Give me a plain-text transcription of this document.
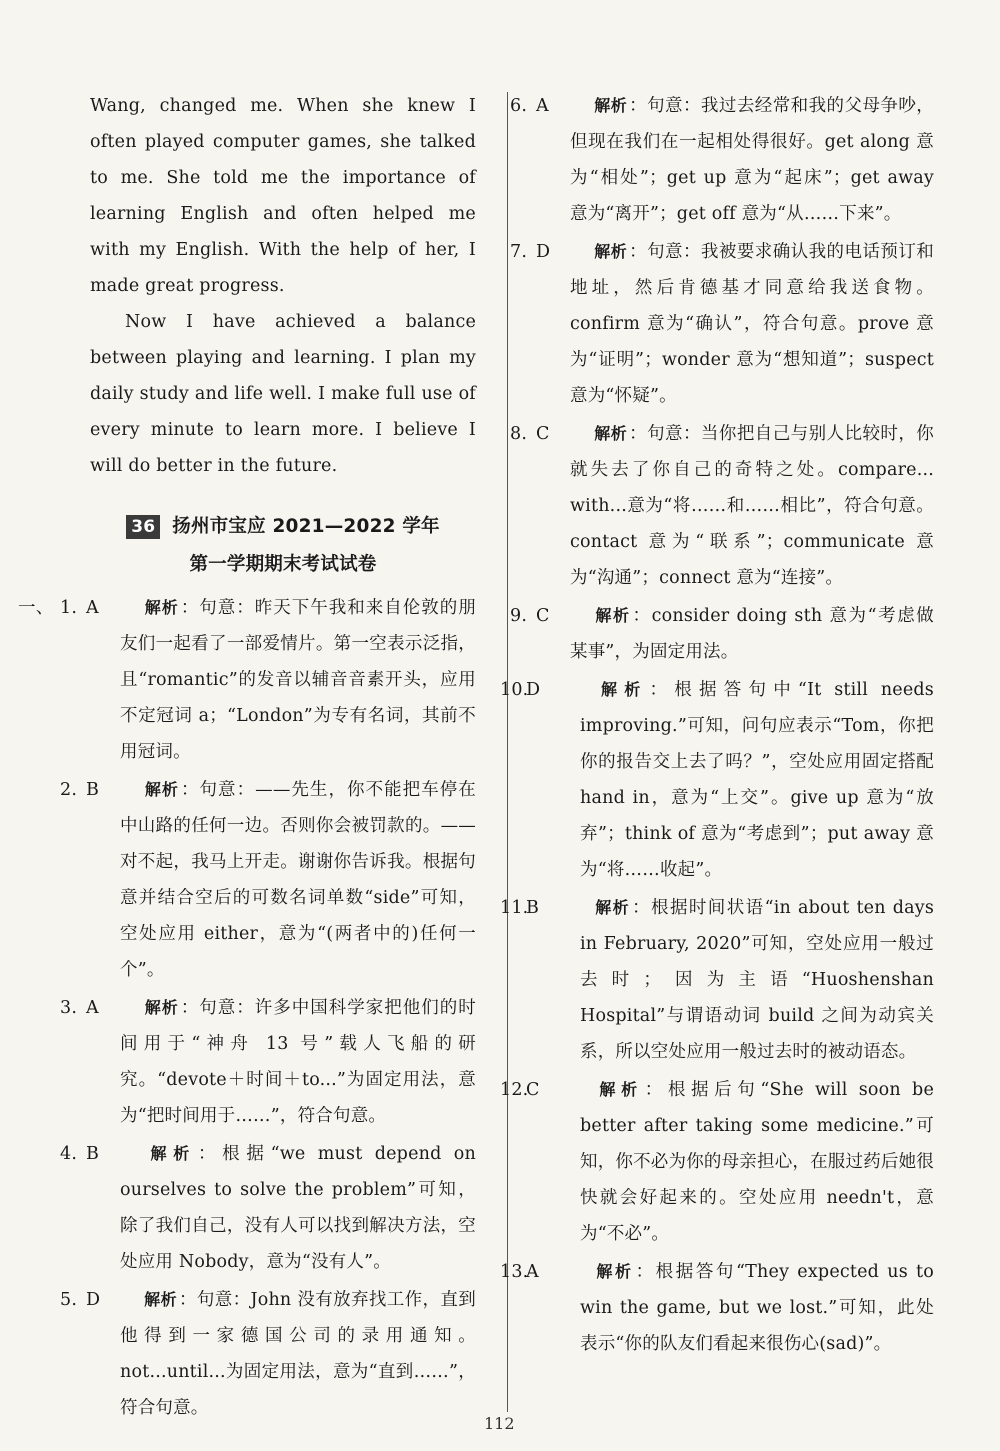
Wang, changed me. When she knew I often played computer games, she talked to me. She told me the importance of learning English and often helped me with my English. With the help of her, I made great progress.

Now I have achieved a balance between playing and learning. I plan my daily study and life well. I make full use of every minute to learn more. I believe I will do better in the future.

36 扬州市宝应 2021—2022 学年
第一学期期末考试试卷
一、 1. A	解析 ：句意：昨天下午我和来自伦敦的朋友们一起看了一部爱情片。第一空表示泛指，且“romantic”的发音以辅音音素开头，应用不定冠词 a；“London”为专有名词，其前不用冠词。
2. B	解析 ：句意：——先生，你不能把车停在中山路的任何一边。否则你会被罚款的。——对不起，我马上开走。谢谢你告诉我。根据句意并结合空后的可数名词单数“side”可知，空处应用 either，意为“(两者中的)任何一个”。
3. A	解析 ：句意：许多中国科学家把他们的时间用于“神舟 13 号”载人飞船的研究。“devote＋时间＋to...”为固定用法，意为“把时间用于……”，符合句意。
4. B	解析 ：根据“we must depend on ourselves to solve the problem”可知，除了我们自己，没有人可以找到解决方法，空处应用 Nobody，意为“没有人”。
5. D	解析 ：句意：John 没有放弃找工作，直到他得到一家德国公司的录用通知。not...until...为固定用法，意为“直到……”，符合句意。
6. A	解析 ：句意：我过去经常和我的父母争吵，但现在我们在一起相处得很好。get along 意为“相处”；get up 意为“起床”；get away 意为“离开”；get off 意为“从……下来”。
7. D	解析 ：句意：我被要求确认我的电话预订和地址，然后肯德基才同意给我送食物。confirm 意为“确认”，符合句意。prove 意为“证明”；wonder 意为“想知道”；suspect 意为“怀疑”。
8. C	解析 ：句意：当你把自己与别人比较时，你就失去了你自己的奇特之处。compare... with...意为“将……和……相比”，符合句意。contact 意为“联系”；communicate 意为“沟通”；connect 意为“连接”。
9. C	解析 ：consider doing sth 意为“考虑做某事”，为固定用法。
10.D	解析 ：根据答句中“It still needs improving.”可知，问句应表示“Tom，你把你的报告交上去了吗？”，空处应用固定搭配 hand in，意为“上交”。give up 意为“放弃”；think of 意为“考虑到”；put away 意为“将……收起”。
11.B	解析 ：根据时间状语“in about ten days in February, 2020”可知，空处应用一般过去时；因为主语“Huoshenshan Hospital”与谓语动词 build 之间为动宾关系，所以空处应用一般过去时的被动语态。
12.C	解析 ：根据后句“She will soon be better after taking some medicine.”可知，你不必为你的母亲担心，在服过药后她很快就会好起来的。空处应用 needn't，意为“不必”。
13.A	解析 ：根据答句“They expected us to win the game, but we lost.”可知，此处表示“你的队友们看起来很伤心(sad)”。
112
